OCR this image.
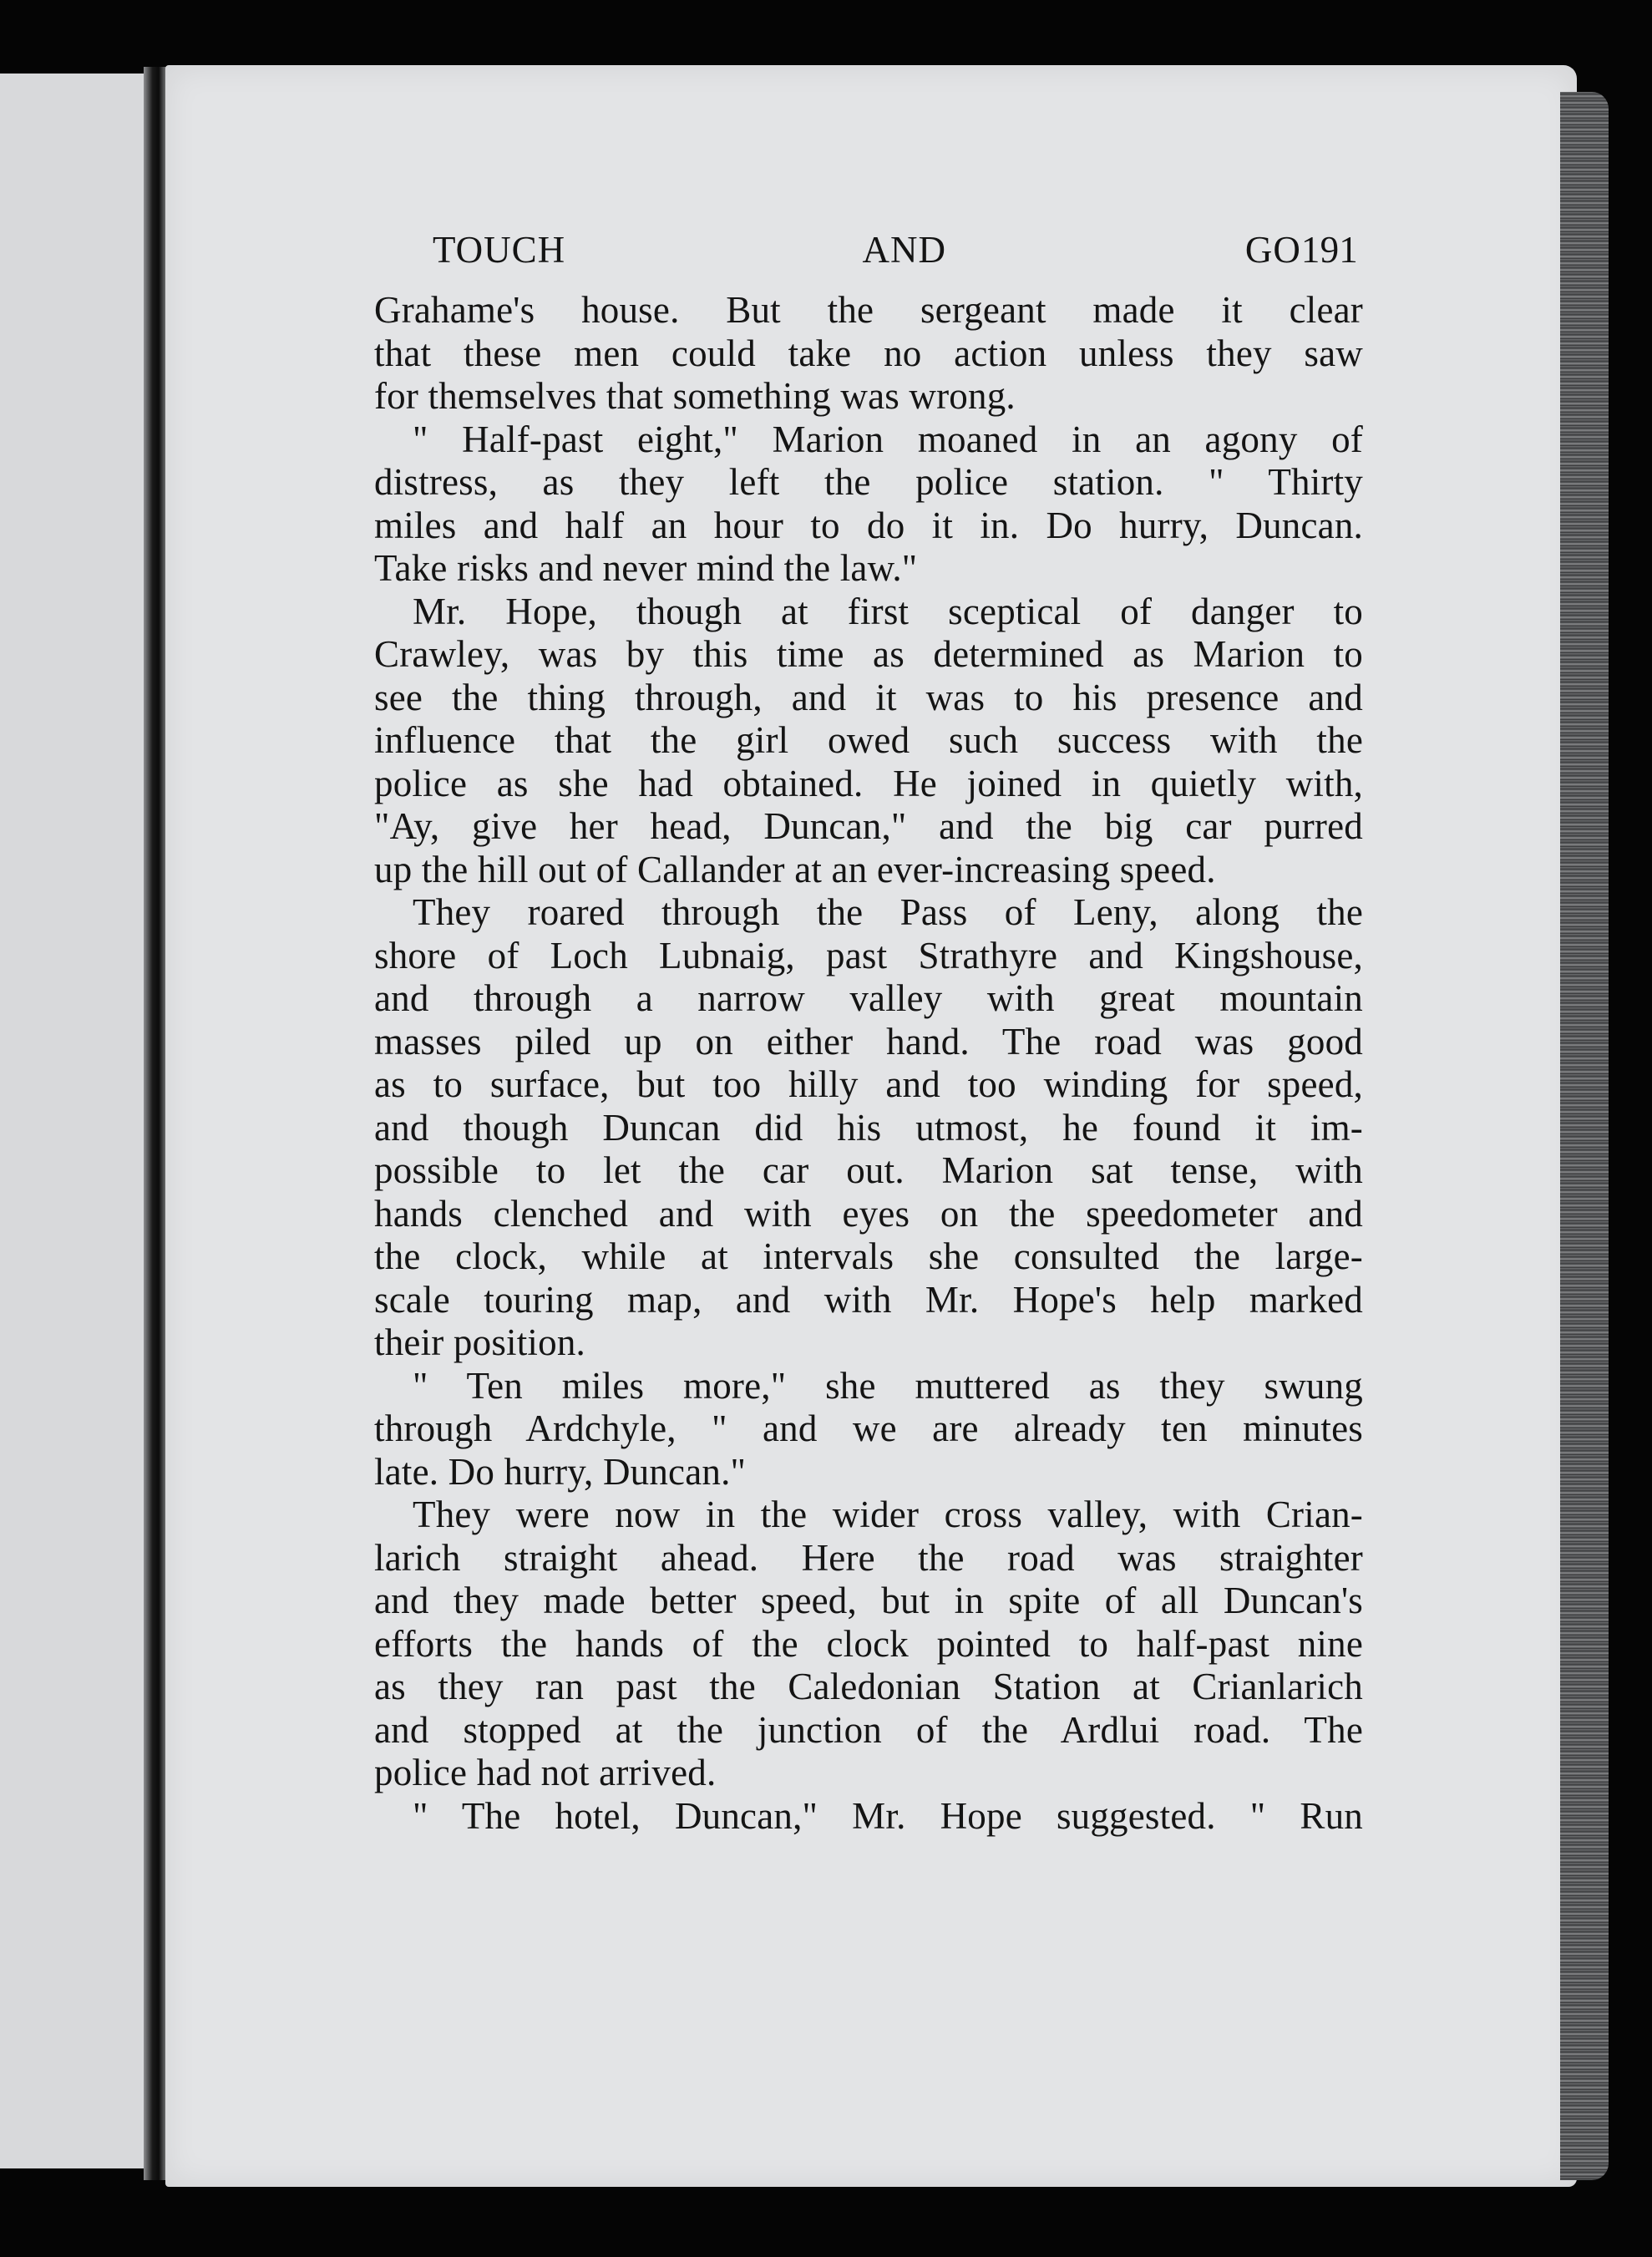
TOUCH AND GO 191
Grahame's house. But the sergeant made it clear
that these men could take no action unless they saw
for themselves that something was wrong.
" Half-past eight," Marion moaned in an agony of
distress, as they left the police station. " Thirty
miles and half an hour to do it in. Do hurry, Duncan.
Take risks and never mind the law."
Mr. Hope, though at first sceptical of danger to
Crawley, was by this time as determined as Marion to
see the thing through, and it was to his presence and
influence that the girl owed such success with the
police as she had obtained. He joined in quietly with,
"Ay, give her head, Duncan," and the big car purred
up the hill out of Callander at an ever-increasing speed.
They roared through the Pass of Leny, along the
shore of Loch Lubnaig, past Strathyre and Kingshouse,
and through a narrow valley with great mountain
masses piled up on either hand. The road was good
as to surface, but too hilly and too winding for speed,
and though Duncan did his utmost, he found it im-
possible to let the car out. Marion sat tense, with
hands clenched and with eyes on the speedometer and
the clock, while at intervals she consulted the large-
scale touring map, and with Mr. Hope's help marked
their position.
" Ten miles more," she muttered as they swung
through Ardchyle, " and we are already ten minutes
late. Do hurry, Duncan."
They were now in the wider cross valley, with Crian-
larich straight ahead. Here the road was straighter
and they made better speed, but in spite of all Duncan's
efforts the hands of the clock pointed to half-past nine
as they ran past the Caledonian Station at Crianlarich
and stopped at the junction of the Ardlui road. The
police had not arrived.
" The hotel, Duncan," Mr. Hope suggested. " Run
